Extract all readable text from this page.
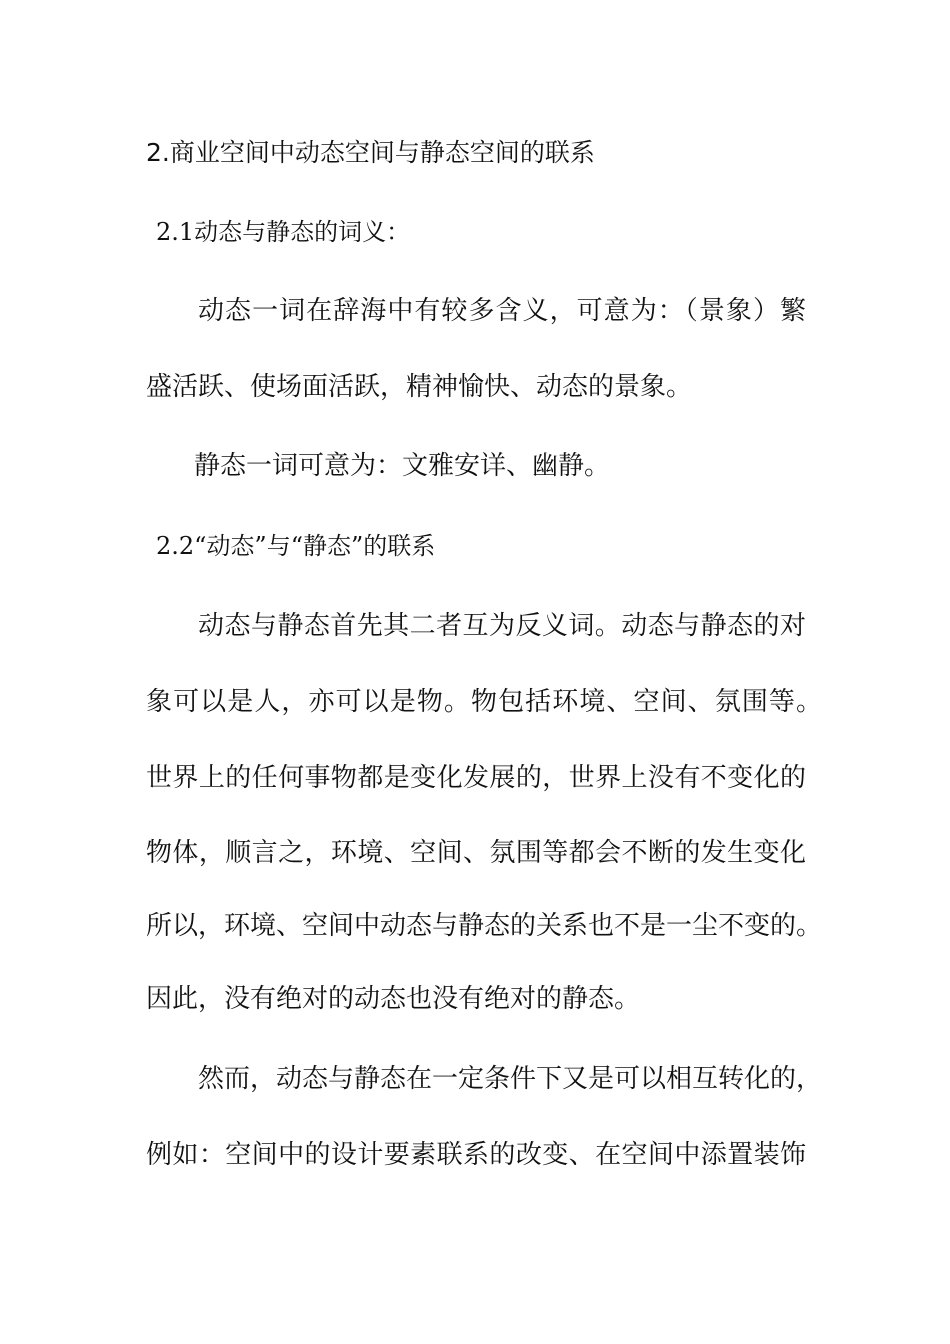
2.商业空间中动态空间与静态空间的联系
2.1动态与静态的词义：
动态一词在辞海中有较多含义，可意为：（景象）繁
盛活跃、使场面活跃，精神愉快、动态的景象。
静态一词可意为：文雅安详、幽静。
2.2“动态”与“静态”的联系
动态与静态首先其二者互为反义词。动态与静态的对
象可以是人，亦可以是物。物包括环境、空间、氛围等。
世界上的任何事物都是变化发展的，世界上没有不变化的
物体，顺言之，环境、空间、氛围等都会不断的发生变化
所以，环境、空间中动态与静态的关系也不是一尘不变的。
因此，没有绝对的动态也没有绝对的静态。
然而，动态与静态在一定条件下又是可以相互转化的，
例如：空间中的设计要素联系的改变、在空间中添置装饰
